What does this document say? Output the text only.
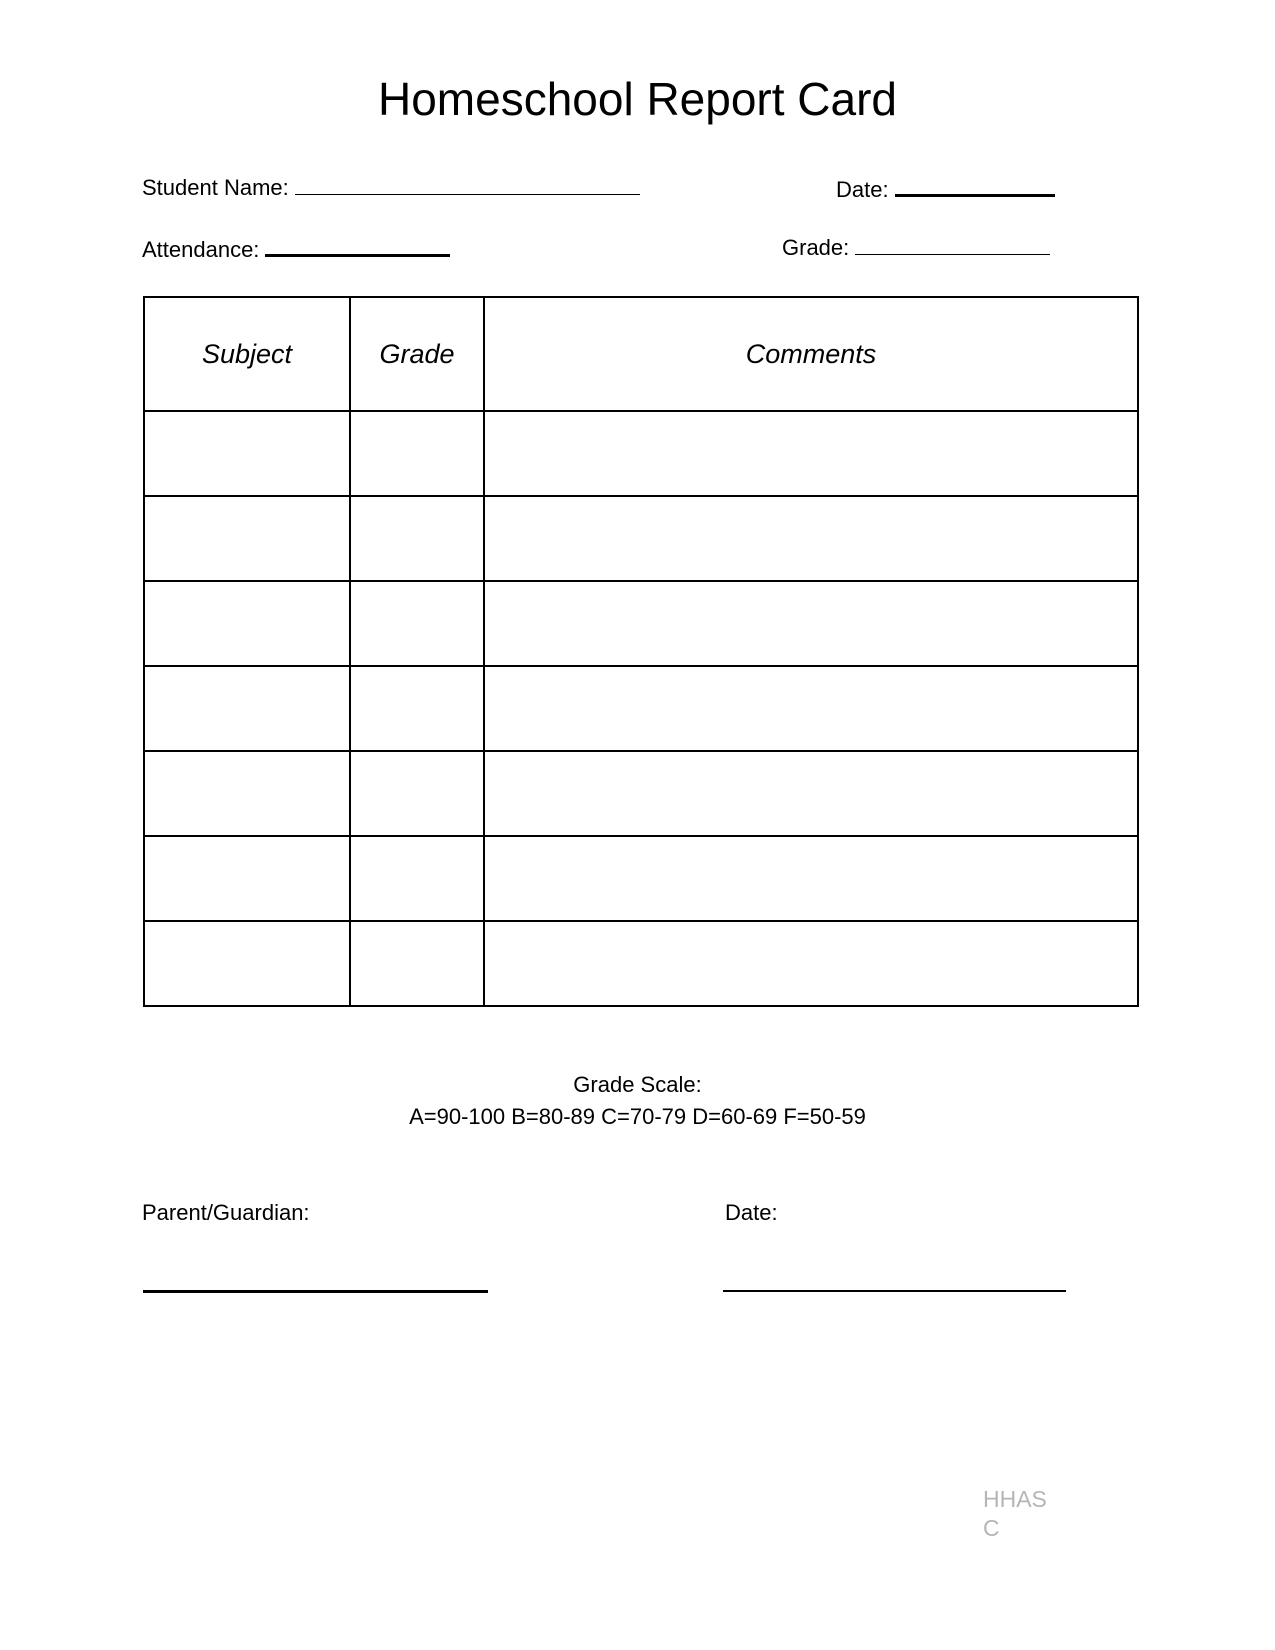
Homeschool Report Card
Student Name:	Date:
Attendance:	Grade:
Subject	Grade	Comments

Grade Scale:
A=90-100 B=80-89 C=70-79 D=60-69 F=50-59
Parent/Guardian:	Date:
HHAS
C
